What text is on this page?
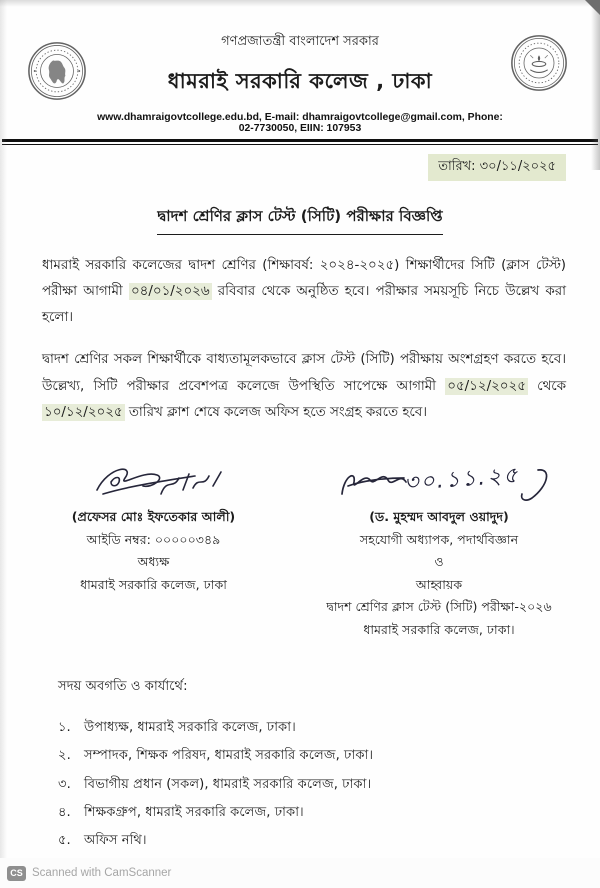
গণপ্রজাতন্ত্রী বাংলাদেশ সরকার
ধামরাই সরকারি কলেজ , ঢাকা
www.dhamraigovtcollege.edu.bd, E-mail: dhamraigovtcollege@gmail.com, Phone: 02-7730050, EIIN: 107953
তারিখ: ৩০/১১/২০২৫
দ্বাদশ শ্রেণির ক্লাস টেস্ট (সিটি) পরীক্ষার বিজ্ঞপ্তি

ধামরাই সরকারি কলেজের দ্বাদশ শ্রেণির (শিক্ষাবর্ষ: ২০২৪-২০২৫) শিক্ষার্থীদের সিটি (ক্লাস টেস্ট) পরীক্ষা আগামী ০৪/০১/২০২৬ রবিবার থেকে অনুষ্ঠিত হবে। পরীক্ষার সময়সূচি নিচে উল্লেখ করা হলো।

দ্বাদশ শ্রেণির সকল শিক্ষার্থীকে বাধ্যতামূলকভাবে ক্লাস টেস্ট (সিটি) পরীক্ষায় অংশগ্রহণ করতে হবে। উল্লেখ্য, সিটি পরীক্ষার প্রবেশপত্র কলেজে উপস্থিতি সাপেক্ষে আগামী ০৫/১২/২০২৫ থেকে ১০/১২/২০২৫ তারিখ ক্লাশ শেষে কলেজ অফিস হতে সংগ্রহ করতে হবে।

(প্রফেসর মোঃ ইফতেকার আলী)
আইডি নম্বর: ০০০০০৩৪৯
অধ্যক্ষ
ধামরাই সরকারি কলেজ, ঢাকা
৩০.১১.২৫
(ড. মুহম্মদ আবদুল ওয়াদুদ)
সহযোগী অধ্যাপক, পদার্থবিজ্ঞান
ও
আহ্বায়ক
দ্বাদশ শ্রেণির ক্লাস টেস্ট (সিটি) পরীক্ষা-২০২৬
ধামরাই সরকারি কলেজ, ঢাকা।
সদয় অবগতি ও কার্যার্থে:
১.	উপাধ্যক্ষ, ধামরাই সরকারি কলেজ, ঢাকা।
২.	সম্পাদক, শিক্ষক পরিষদ, ধামরাই সরকারি কলেজ, ঢাকা।
৩.	বিভাগীয় প্রধান (সকল), ধামরাই সরকারি কলেজ, ঢাকা।
৪.	শিক্ষকগ্রুপ, ধামরাই সরকারি কলেজ, ঢাকা।
৫.	অফিস নথি।
CS Scanned with CamScanner
